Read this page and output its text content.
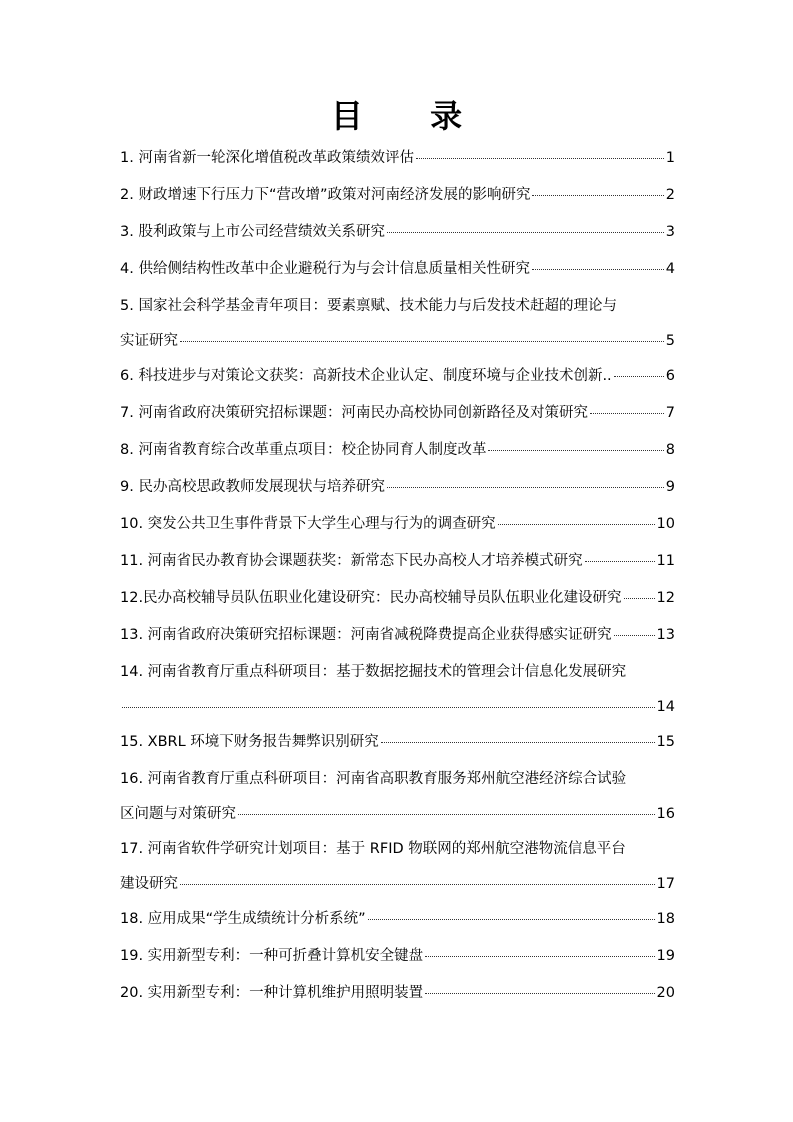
目 录
1. 河南省新一轮深化增值税改革政策绩效评估	1
2. 财政增速下行压力下“营改增”政策对河南经济发展的影响研究	2
3. 股利政策与上市公司经营绩效关系研究	3
4. 供给侧结构性改革中企业避税行为与会计信息质量相关性研究	4
5. 国家社会科学基金青年项目：要素禀赋、技术能力与后发技术赶超的理论与
实证研究	5
6. 科技进步与对策论文获奖：高新技术企业认定、制度环境与企业技术创新..	6
7. 河南省政府决策研究招标课题：河南民办高校协同创新路径及对策研究	7
8. 河南省教育综合改革重点项目：校企协同育人制度改革	8
9. 民办高校思政教师发展现状与培养研究	9
10. 突发公共卫生事件背景下大学生心理与行为的调查研究	10
11. 河南省民办教育协会课题获奖：新常态下民办高校人才培养模式研究	11
12.民办高校辅导员队伍职业化建设研究：民办高校辅导员队伍职业化建设研究 12
13. 河南省政府决策研究招标课题：河南省减税降费提高企业获得感实证研究	13
14. 河南省教育厅重点科研项目：基于数据挖掘技术的管理会计信息化发展研究
14
15. XBRL 环境下财务报告舞弊识别研究	15
16. 河南省教育厅重点科研项目：河南省高职教育服务郑州航空港经济综合试验
区问题与对策研究	16
17. 河南省软件学研究计划项目：基于 RFID 物联网的郑州航空港物流信息平台
建设研究	17
18. 应用成果“学生成绩统计分析系统”	18
19. 实用新型专利：一种可折叠计算机安全键盘	19
20. 实用新型专利：一种计算机维护用照明装置	20
